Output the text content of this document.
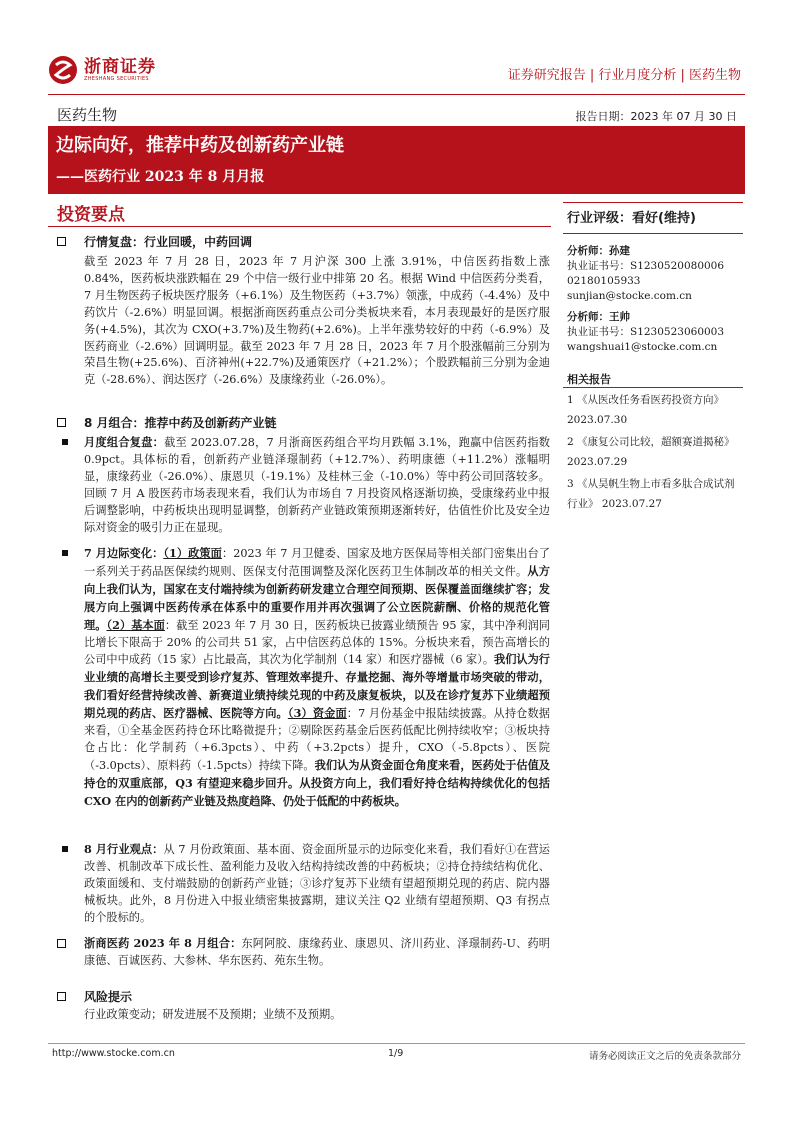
浙商证券
ZHESHANG SECURITIES	证券研究报告 | 行业月度分析 | 医药生物
医药生物	报告日期：2023 年 07 月 30 日
边际向好，推荐中药及创新药产业链
——医药行业 2023 年 8 月月报
投资要点
行情复盘：行业回暖，中药回调
截至 2023 年 7 月 28 日，2023 年 7 月沪深 300 上涨 3.91%，中信医药指数上涨 0.84%，医药板块涨跌幅在 29 个中信一级行业中排第 20 名。根据 Wind 中信医药分类看，7 月生物医药子板块医疗服务（+6.1%）及生物医药（+3.7%）领涨，中成药（-4.4%）及中药饮片（-2.6%）明显回调。根据浙商医药重点公司分类板块来看，本月表现最好的是医疗服务(+4.5%)，其次为 CXO(+3.7%)及生物药(+2.6%)。上半年涨势较好的中药（-6.9%）及医药商业（-2.6%）回调明显。截至 2023 年 7 月 28 日，2023 年 7 月个股涨幅前三分别为荣昌生物(+25.6%)、百济神州(+22.7%)及通策医疗（+21.2%）；个股跌幅前三分别为金迪克（-28.6%）、润达医疗（-26.6%）及康缘药业（-26.0%）。
8 月组合：推荐中药及创新药产业链
月度组合复盘：截至 2023.07.28，7 月浙商医药组合平均月跌幅 3.1%，跑赢中信医药指数 0.9pct。具体标的看，创新药产业链泽璟制药（+12.7%）、药明康德（+11.2%）涨幅明显，康缘药业（-26.0%）、康恩贝（-19.1%）及桂林三金（-10.0%）等中药公司回落较多。回顾 7 月 A 股医药市场表现来看，我们认为市场自 7 月投资风格逐渐切换，受康缘药业中报后调整影响，中药板块出现明显调整，创新药产业链政策预期逐渐转好，估值性价比及安全边际对资金的吸引力正在显现。
7 月边际变化：（1）政策面：2023 年 7 月卫健委、国家及地方医保局等相关部门密集出台了一系列关于药品医保续约规则、医保支付范围调整及深化医药卫生体制改革的相关文件。从方向上我们认为，国家在支付端持续为创新药研发建立合理空间预期、医保覆盖面继续扩容；发展方向上强调中医药传承在体系中的重要作用并再次强调了公立医院薪酬、价格的规范化管理。（2）基本面：截至 2023 年 7 月 30 日，医药板块已披露业绩预告 95 家，其中净利润同比增长下限高于 20% 的公司共 51 家，占中信医药总体的 15%。分板块来看，预告高增长的公司中中成药（15 家）占比最高，其次为化学制剂（14 家）和医疗器械（6 家）。我们认为行业业绩的高增长主要受到诊疗复苏、管理效率提升、存量挖掘、海外等增量市场突破的带动，我们看好经营持续改善、新赛道业绩持续兑现的中药及康复板块，以及在诊疗复苏下业绩超预期兑现的药店、医疗器械、医院等方向。（3）资金面：7 月份基金中报陆续披露。从持仓数据来看，①全基金医药持仓环比略微提升；②剔除医药基金后医药低配比例持续收窄；③板块持仓占比：化学制药（+6.3pcts）、中药（+3.2pcts）提升，CXO（-5.8pcts）、医院（-3.0pcts）、原料药（-1.5pcts）持续下降。我们认为从资金面仓角度来看，医药处于估值及持仓的双重底部，Q3 有望迎来稳步回升。从投资方向上，我们看好持仓结构持续优化的包括 CXO 在内的创新药产业链及热度趋降、仍处于低配的中药板块。
8 月行业观点：从 7 月份政策面、基本面、资金面所显示的边际变化来看，我们看好①在营运改善、机制改革下成长性、盈利能力及收入结构持续改善的中药板块；②持仓持续结构优化、政策面缓和、支付端鼓励的创新药产业链；③诊疗复苏下业绩有望超预期兑现的药店、院内器械板块。此外，8 月份进入中报业绩密集披露期，建议关注 Q2 业绩有望超预期、Q3 有拐点的个股标的。
浙商医药 2023 年 8 月组合：东阿阿胶、康缘药业、康恩贝、济川药业、泽璟制药-U、药明康德、百诚医药、大参林、华东医药、苑东生物。
风险提示
行业政策变动；研发进展不及预期；业绩不及预期。
行业评级：看好(维持)
分析师：孙建
执业证书号：S1230520080006
02180105933
sunjian@stocke.com.cn
分析师：王帅
执业证书号：S1230523060003
wangshuai1@stocke.com.cn
相关报告
1 《从医改任务看医药投资方向》 2023.07.30
2 《康复公司比较，超额赛道揭秘》 2023.07.29
3 《从昊帆生物上市看多肽合成试剂行业》 2023.07.27
http://www.stocke.com.cn	1/9	请务必阅读正文之后的免责条款部分
